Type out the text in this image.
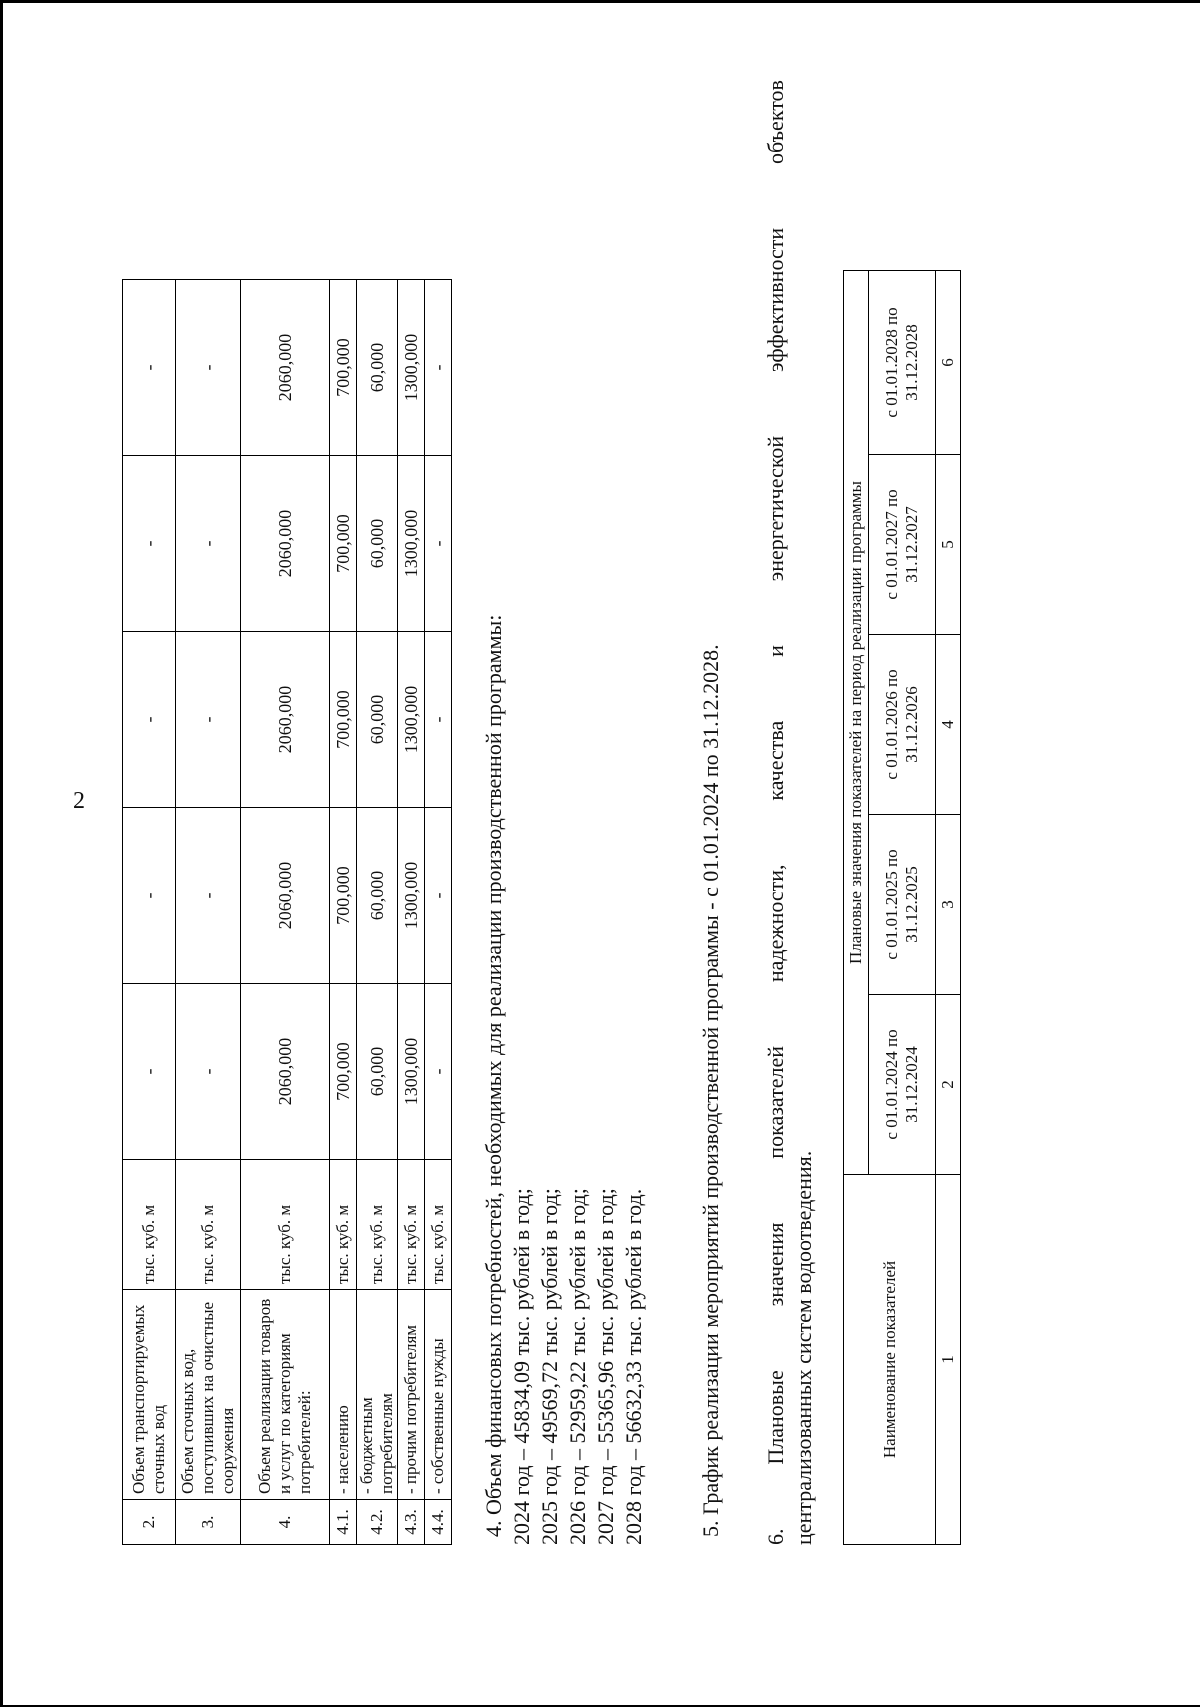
2
2.	Объем транспортируемых сточных вод	тыс. куб. м	-	-	-	-	-
3.	Объем сточных вод, поступивших на очистные сооружения	тыс. куб. м	-	-	-	-	-
4.	Объем реализации товаров и услуг по категориям потребителей:	тыс. куб. м	2060,000	2060,000	2060,000	2060,000	2060,000
4.1.	- населению	тыс. куб. м	700,000	700,000	700,000	700,000	700,000
4.2.	- бюджетным потребителям	тыс. куб. м	60,000	60,000	60,000	60,000	60,000
4.3.	- прочим потребителям	тыс. куб. м	1300,000	1300,000	1300,000	1300,000	1300,000
4.4.	- собственные нужды	тыс. куб. м	-	-	-	-	-
4. Объем финансовых потребностей, необходимых для реализации производственной программы: 2024 год – 45834,09 тыс. рублей в год; 2025 год – 49569,72 тыс. рублей в год; 2026 год – 52959,22 тыс. рублей в год; 2027 год – 55365,96 тыс. рублей в год; 2028 год – 56632,33 тыс. рублей в год. 5. График реализации мероприятий производственной программы - с 01.01.2024 по 31.12.2028. 6.
Плановые
значения
показателей
надежности,
качества
и
энергетической
эффективности
объектов
централизованных систем водоотведения.	Наименование показателей	Плановые значения показателей на период реализации программы				
	с 01.01.2024 по 31.12.2024	с 01.01.2025 по 31.12.2025	с 01.01.2026 по 31.12.2026	с 01.01.2027 по 31.12.2027	с 01.01.2028 по 31.12.2028
1	2	3	4	5	6
